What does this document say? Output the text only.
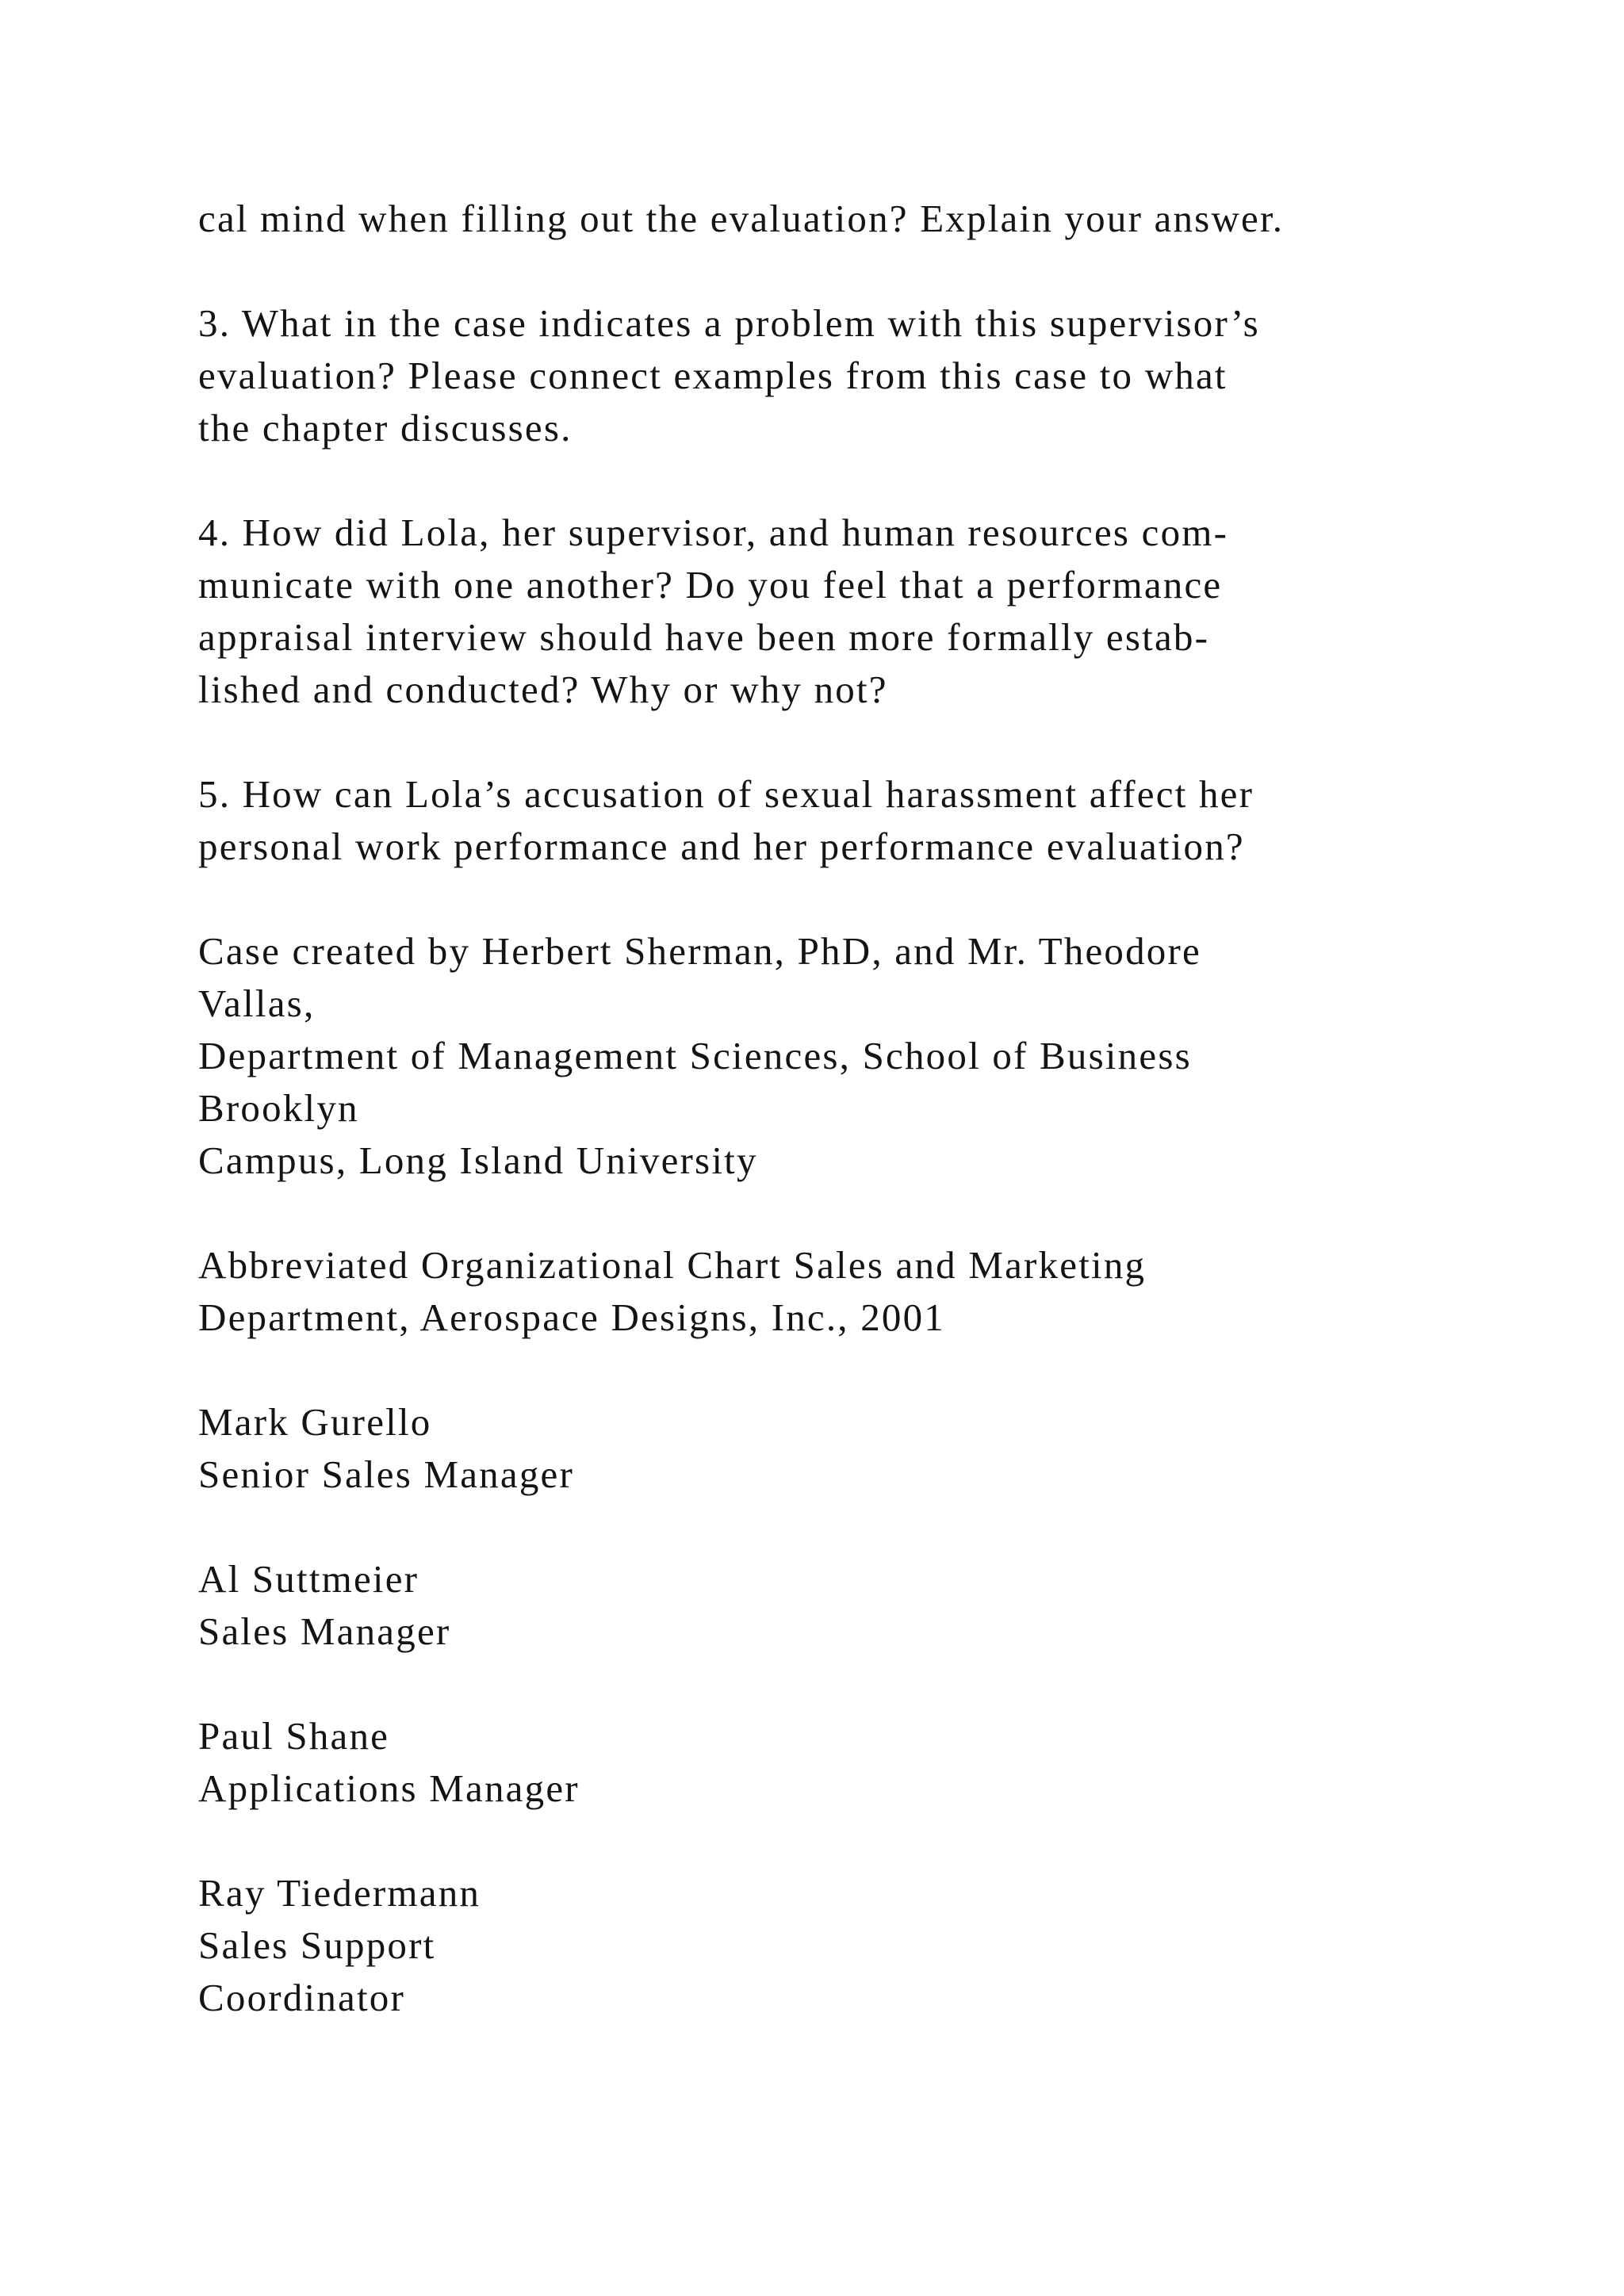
cal mind when filling out the evaluation? Explain your answer.
3. What in the case indicates a problem with this supervisor’s
evaluation? Please connect examples from this case to what
the chapter discusses.
4. How did Lola, her supervisor, and human resources com-
municate with one another? Do you feel that a performance
appraisal interview should have been more formally estab-
lished and conducted? Why or why not?
5. How can Lola’s accusation of sexual harassment affect her
personal work performance and her performance evaluation?
Case created by Herbert Sherman, PhD, and Mr. Theodore
Vallas,
Department of Management Sciences, School of Business
Brooklyn
Campus, Long Island University
Abbreviated Organizational Chart Sales and Marketing
Department, Aerospace Designs, Inc., 2001
Mark Gurello
Senior Sales Manager
Al Suttmeier
Sales Manager
Paul Shane
Applications Manager
Ray Tiedermann
Sales Support
Coordinator
